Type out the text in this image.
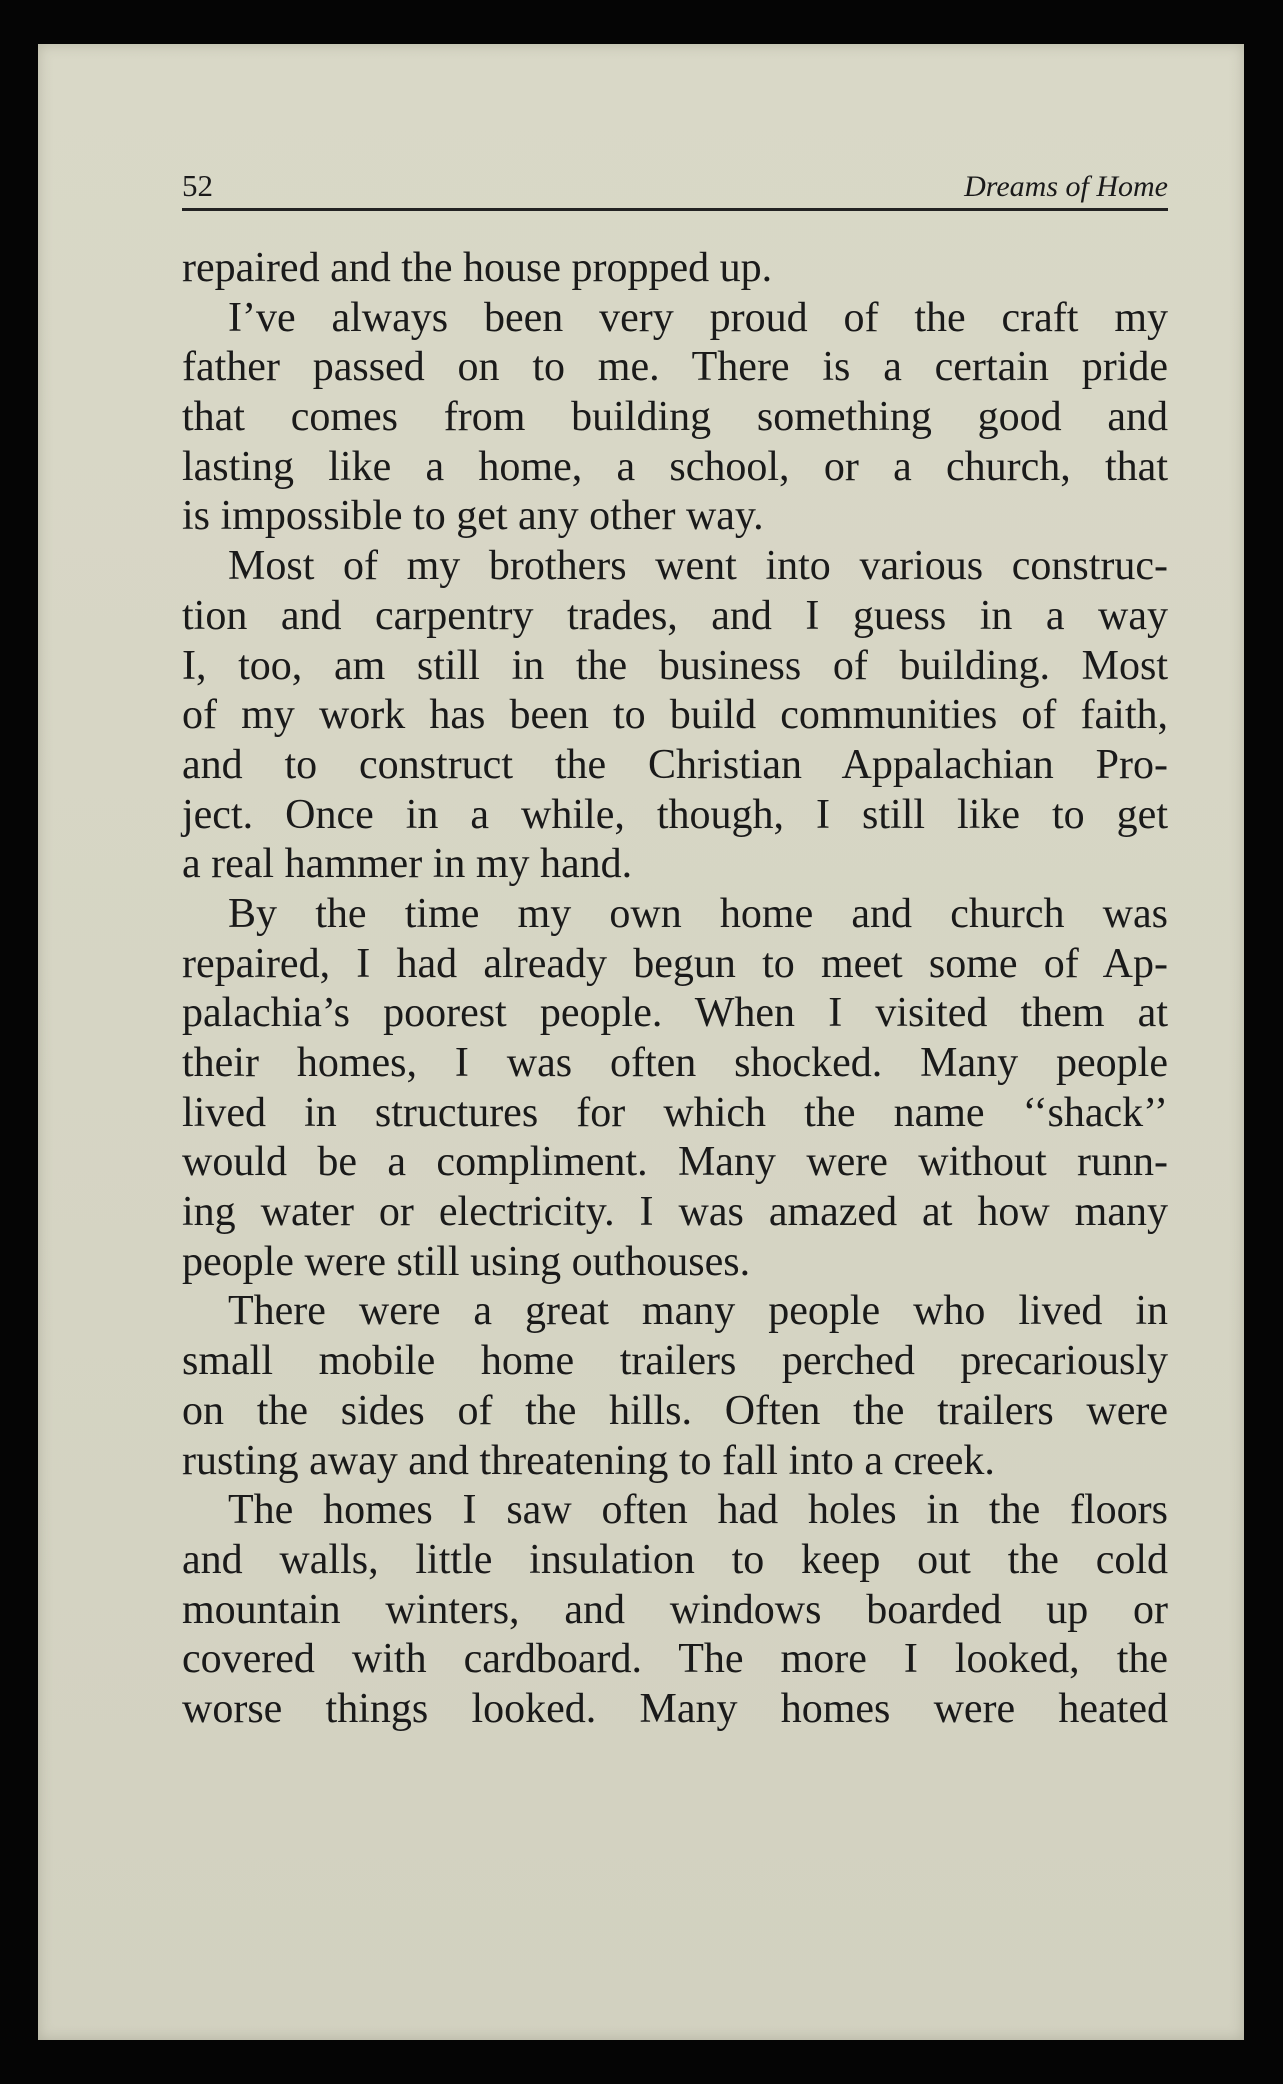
52	Dreams of Home
repaired and the house propped up.
I’ve always been very proud of the craft my
father passed on to me. There is a certain pride
that comes from building something good and
lasting like a home, a school, or a church, that
is impossible to get any other way.
Most of my brothers went into various construc-
tion and carpentry trades, and I guess in a way
I, too, am still in the business of building. Most
of my work has been to build communities of faith,
and to construct the Christian Appalachian Pro-
ject. Once in a while, though, I still like to get
a real hammer in my hand.
By the time my own home and church was
repaired, I had already begun to meet some of Ap-
palachia’s poorest people. When I visited them at
their homes, I was often shocked. Many people
lived in structures for which the name ‘‘shack’’
would be a compliment. Many were without runn-
ing water or electricity. I was amazed at how many
people were still using outhouses.
There were a great many people who lived in
small mobile home trailers perched precariously
on the sides of the hills. Often the trailers were
rusting away and threatening to fall into a creek.
The homes I saw often had holes in the floors
and walls, little insulation to keep out the cold
mountain winters, and windows boarded up or
covered with cardboard. The more I looked, the
worse things looked. Many homes were heated
